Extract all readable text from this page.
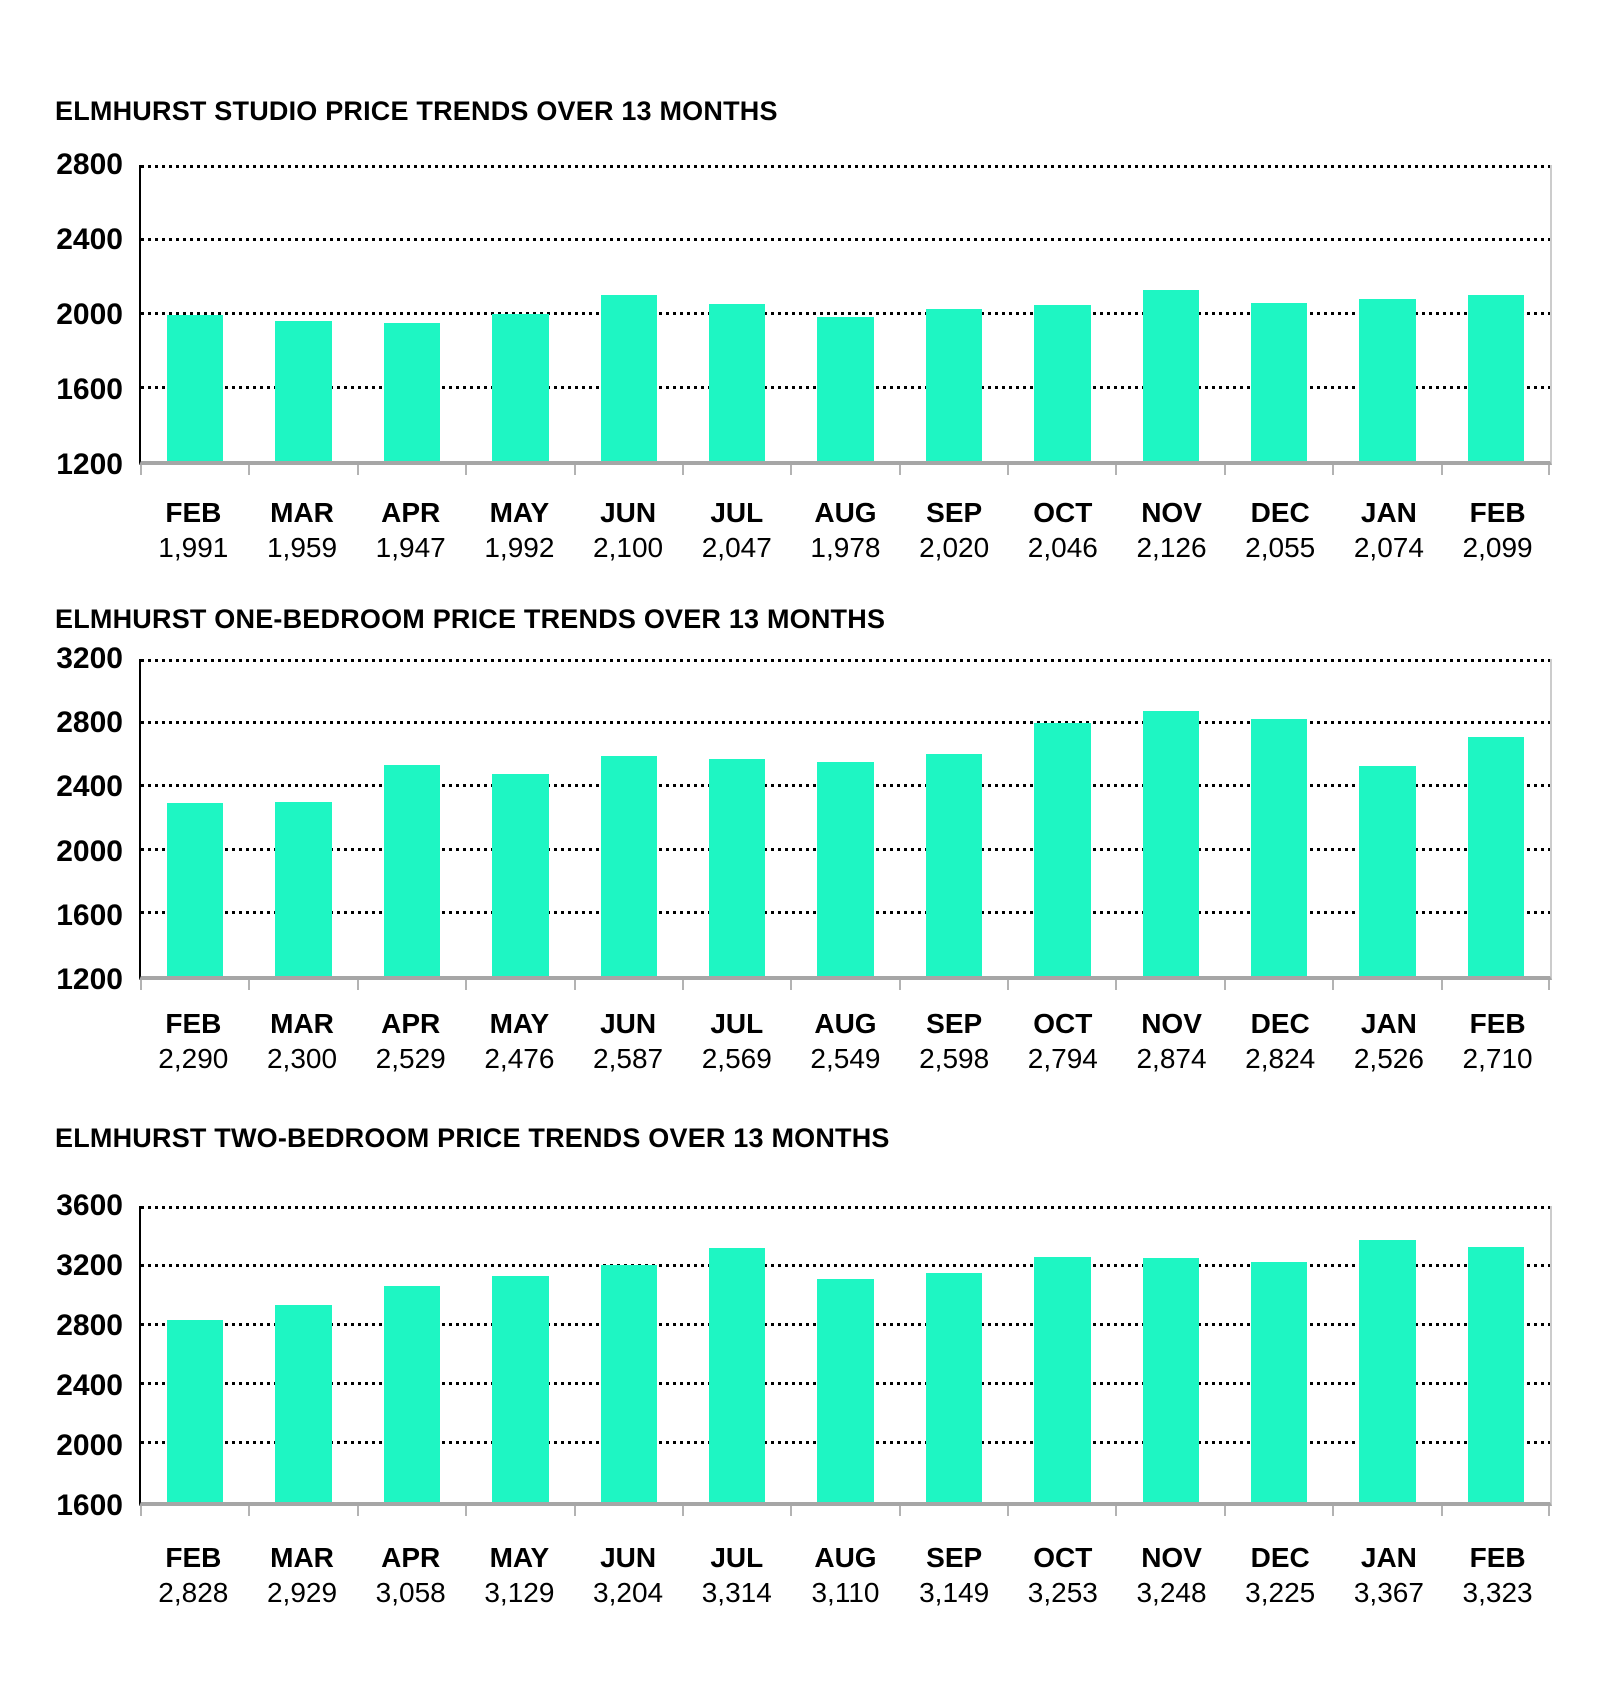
ELMHURST STUDIO PRICE TRENDS OVER 13 MONTHS
1200
1600
2000
2400
2800
FEB
1,991
MAR
1,959
APR
1,947
MAY
1,992
JUN
2,100
JUL
2,047
AUG
1,978
SEP
2,020
OCT
2,046
NOV
2,126
DEC
2,055
JAN
2,074
FEB
2,099
ELMHURST ONE-BEDROOM PRICE TRENDS OVER 13 MONTHS
1200
1600
2000
2400
2800
3200
FEB
2,290
MAR
2,300
APR
2,529
MAY
2,476
JUN
2,587
JUL
2,569
AUG
2,549
SEP
2,598
OCT
2,794
NOV
2,874
DEC
2,824
JAN
2,526
FEB
2,710
ELMHURST TWO-BEDROOM PRICE TRENDS OVER 13 MONTHS
1600
2000
2400
2800
3200
3600
FEB
2,828
MAR
2,929
APR
3,058
MAY
3,129
JUN
3,204
JUL
3,314
AUG
3,110
SEP
3,149
OCT
3,253
NOV
3,248
DEC
3,225
JAN
3,367
FEB
3,323
